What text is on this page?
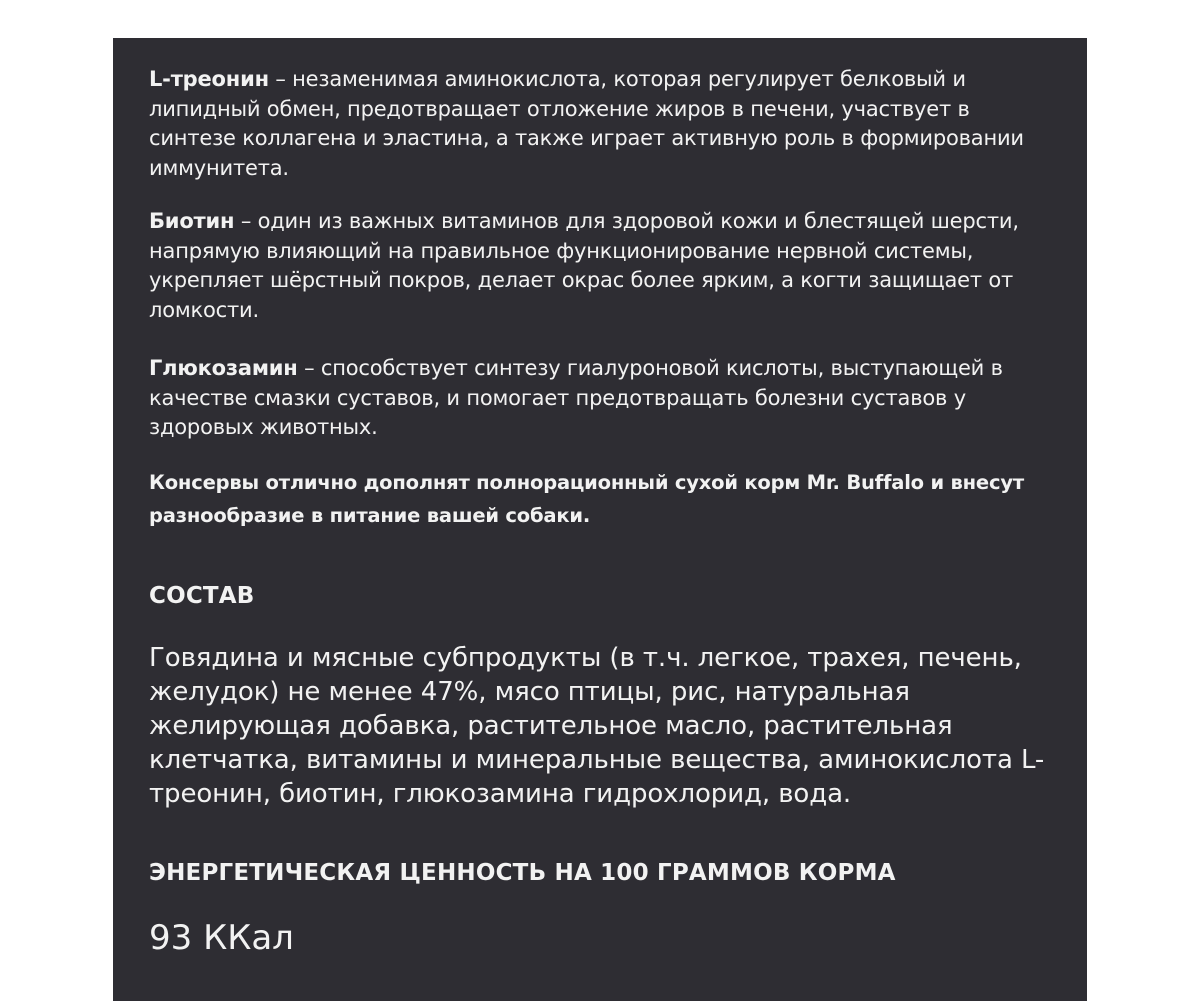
L-треонин – незаменимая аминокислота, которая регулирует белковый и липидный обмен, предотвращает отложение жиров в печени, участвует в синтезе коллагена и эластина, а также играет активную роль в формировании иммунитета.

Биотин – один из важных витаминов для здоровой кожи и блестящей шерсти, напрямую влияющий на правильное функционирование нервной системы, укрепляет шёрстный покров, делает окрас более ярким, а когти защищает от ломкости.

Глюкозамин – способствует синтезу гиалуроновой кислоты, выступающей в качестве смазки суставов, и помогает предотвращать болезни суставов у здоровых животных.

Консервы отлично дополнят полнорационный сухой корм Mr. Buffalo и внесут разнообразие в питание вашей собаки.

СОСТАВ

Говядина и мясные субпродукты (в т.ч. легкое, трахея, печень, желудок) не менее 47%, мясо птицы, рис, натуральная желирующая добавка, растительное масло, растительная клетчатка, витамины и минеральные вещества, аминокислота L-треонин, биотин, глюкозамина гидрохлорид, вода.

ЭНЕРГЕТИЧЕСКАЯ ЦЕННОСТЬ НА 100 ГРАММОВ КОРМА

93 ККал
